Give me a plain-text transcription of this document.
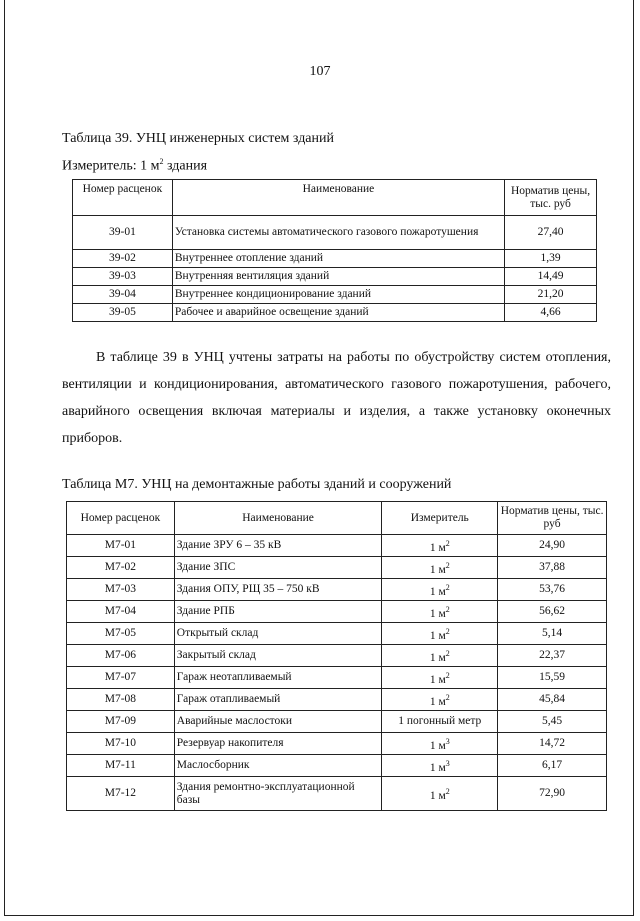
107
Таблица 39. УНЦ инженерных систем зданий
Измеритель: 1 $м^2$ здания
Номер расценок	Наименование	Норматив цены, тыс. руб
39-01	Установка системы автоматического газового пожаротушения	27,40
39-02	Внутреннее отопление зданий	1,39
39-03	Внутренняя вентиляция зданий	14,49
39-04	Внутреннее кондиционирование зданий	21,20
39-05	Рабочее и аварийное освещение зданий	4,66

В таблице 39 в УНЦ учтены затраты на работы по обустройству систем отопления, вентиляции и кондиционирования, автоматического газового пожаротушения, рабочего, аварийного освещения включая материалы и изделия, а также установку оконечных приборов.

Таблица М7. УНЦ на демонтажные работы зданий и сооружений
Номер расценок	Наименование	Измеритель	Норматив цены, тыс. руб
М7-01	Здание ЗРУ 6 – 35 кВ	1 $м^2$	24,90
М7-02	Здание ЗПС	1 $м^2$	37,88
М7-03	Здания ОПУ, РЩ 35 – 750 кВ	1 $м^2$	53,76
М7-04	Здание РПБ	1 $м^2$	56,62
М7-05	Открытый склад	1 $м^2$	5,14
М7-06	Закрытый склад	1 $м^2$	22,37
М7-07	Гараж неотапливаемый	1 $м^2$	15,59
М7-08	Гараж отапливаемый	1 $м^2$	45,84
М7-09	Аварийные маслостоки	1 погонный метр	5,45
М7-10	Резервуар накопителя	1 $м^3$	14,72
М7-11	Маслосборник	1 $м^3$	6,17
М7-12	Здания ремонтно-эксплуатационной базы	1 $м^2$	72,90
